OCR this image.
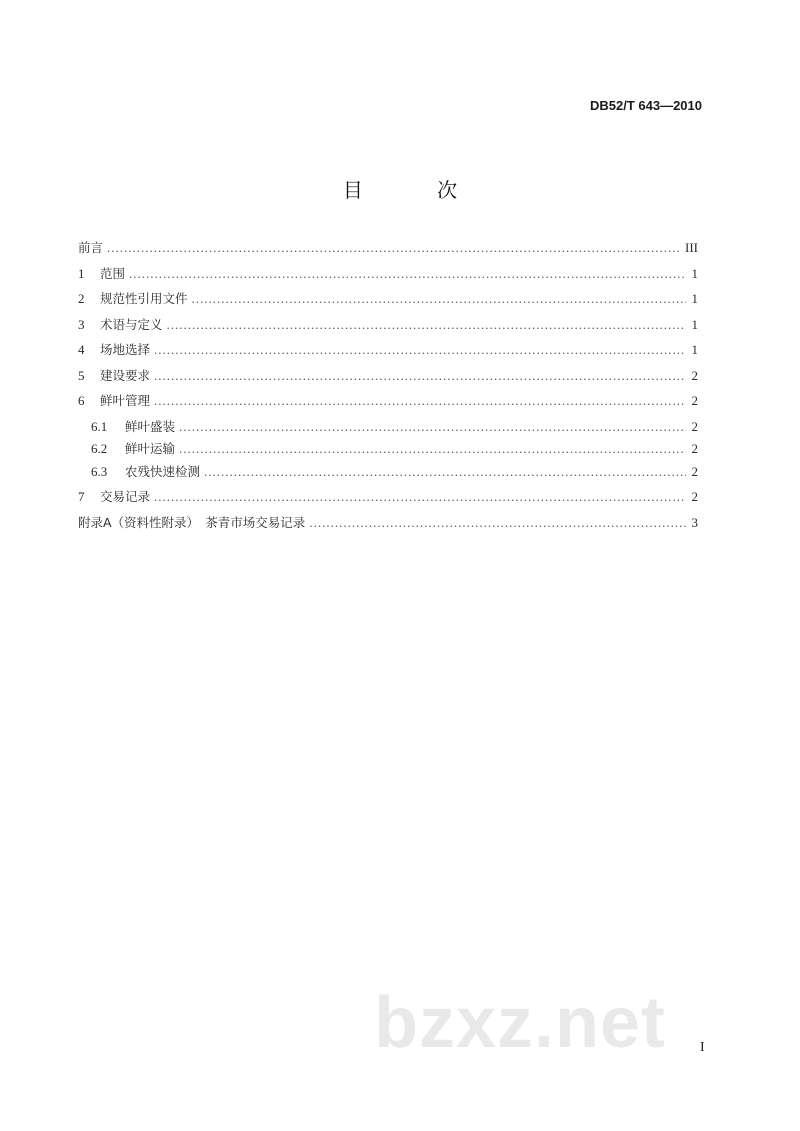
DB52/T 643—2010
目 次
前言 .....	III
1	范围 .....	1
2	规范性引用文件 .....	1
3	术语与定义 .....	1
4	场地选择 .....	1
5	建设要求 .....	2
6	鲜叶管理 .....	2
6.1	鲜叶盛装 .....	2
6.2	鲜叶运输 .....	2
6.3	农残快速检测 .....	2
7	交易记录 .....	2
附录A（资料性附录）　茶青市场交易记录 .....	3
bzxz.net I
